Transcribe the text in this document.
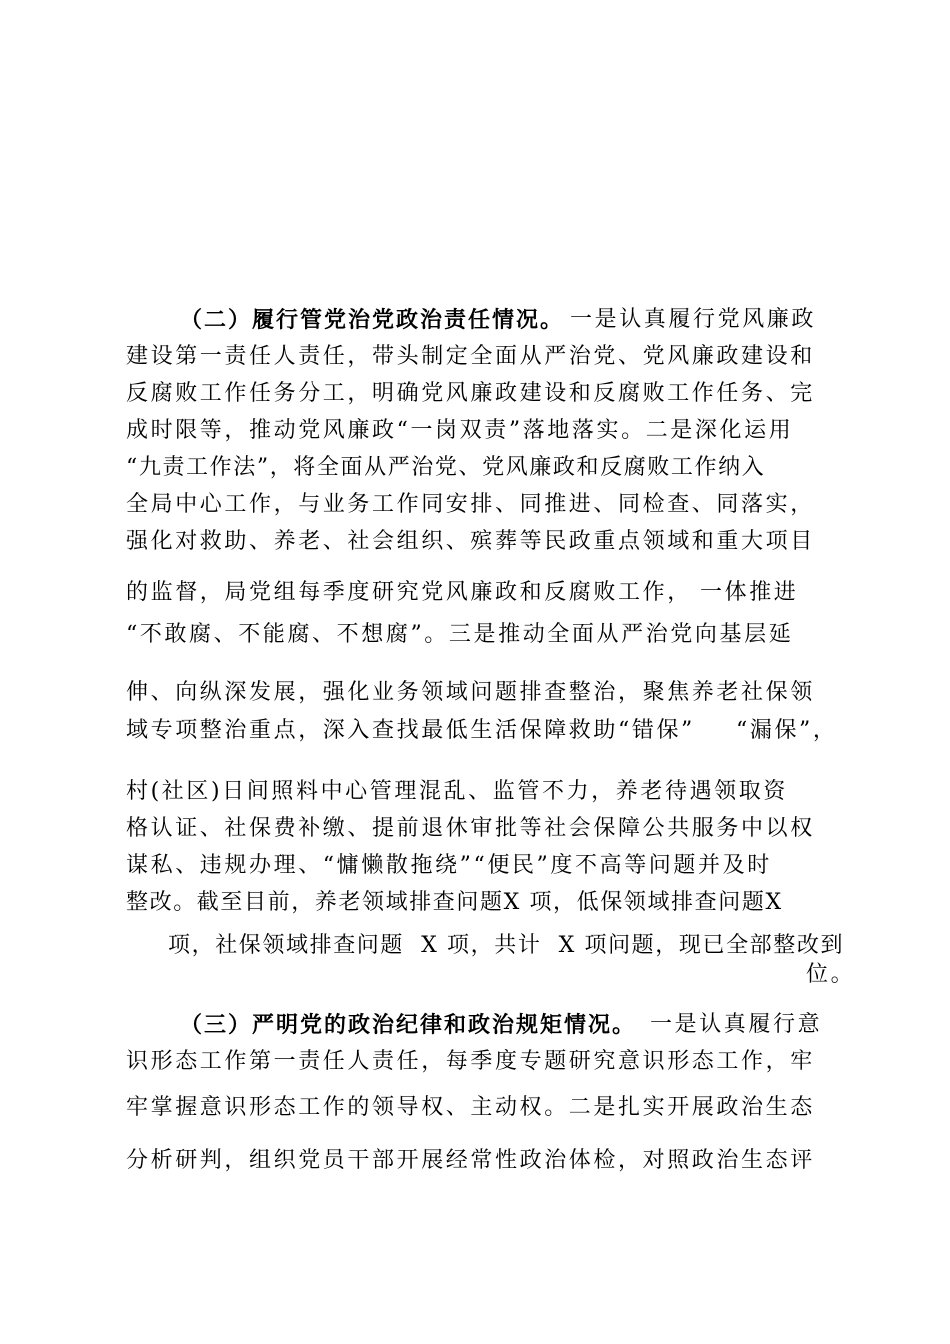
（二）履行管党治党政治责任情况。 一是认真履行党风廉政
建设第一责任人责任，带头制定全面从严治党、党风廉政建设和
反腐败工作任务分工，明确党风廉政建设和反腐败工作任务、完
成时限等，推动党风廉政“一岗双责”落地落实。二是深化运用
“九责工作法”，将全面从严治党、党风廉政和反腐败工作纳入
全局中心工作，与业务工作同安排、同推进、同检查、同落实，
强化对救助、养老、社会组织、殡葬等民政重点领域和重大项目
的监督，局党组每季度研究党风廉政和反腐败工作， 一体推进
“不敢腐、不能腐、不想腐”。三是推动全面从严治党向基层延
伸、向纵深发展，强化业务领域问题排查整治，聚焦养老社保领
域专项整治重点，深入查找最低生活保障救助“错保” “漏保”，
村(社区)日间照料中心管理混乱、监管不力，养老待遇领取资
格认证、社保费补缴、提前退休审批等社会保障公共服务中以权
谋私、违规办理、“慵懒散拖绕”“便民”度不高等问题并及时
整改。截至目前，养老领域排查问题X 项，低保领域排查问题X
项，社保领域排查问题  X 项，共计  X 项问题，现已全部整改到
位。
（三）严明党的政治纪律和政治规矩情况。 一是认真履行意
识形态工作第一责任人责任，每季度专题研究意识形态工作，牢
牢掌握意识形态工作的领导权、主动权。二是扎实开展政治生态
分析研判，组织党员干部开展经常性政治体检，对照政治生态评
